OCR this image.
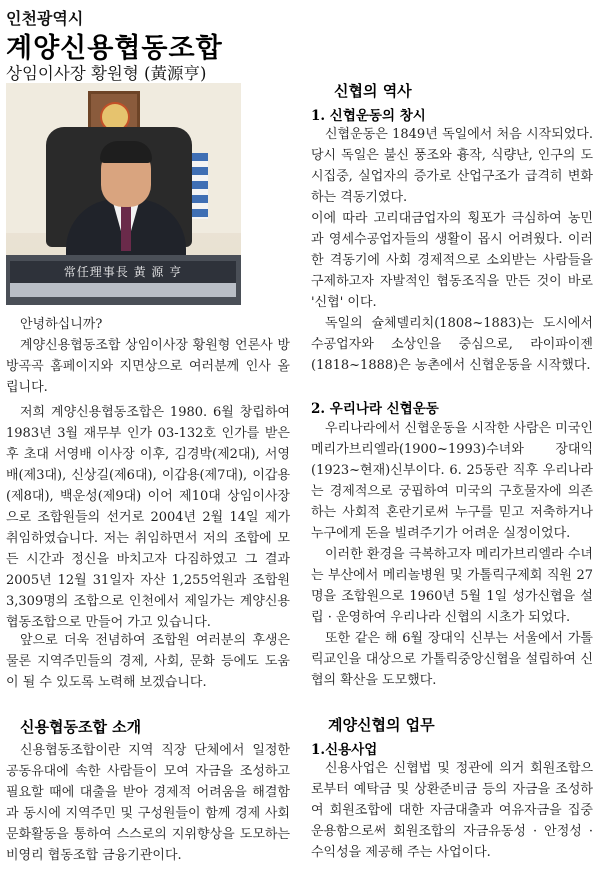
인천광역시
계양신용협동조합
상임이사장 황원형 (黃源亨)
常任理事長 黃 源 亨
안녕하십니까?
계양신용협동조합 상임이사장 황원형 언론사 방방곡곡 홈페이지와 지면상으로 여러분께 인사 올립니다.
저희 계양신용협동조합은 1980. 6월 창립하여 1983년 3월 재무부 인가 03-132호 인가를 받은 후 초대 서영배 이사장 이후, 김경박(제2대), 서영배(제3대), 신상길(제6대), 이갑용(제7대), 이갑용(제8대), 백운성(제9대) 이어 제10대 상임이사장으로 조합원들의 선거로 2004년 2월 14일 제가 취임하였습니다. 저는 취임하면서 저의 조합에 모든 시간과 정신을 바치고자 다짐하였고 그 결과 2005년 12월 31일자 자산 1,255억원과 조합원 3,309명의 조합으로 인천에서 제일가는 계양신용협동조합으로 만들어 가고 있습니다.
앞으로 더욱 전념하여 조합원 여러분의 후생은 물론 지역주민들의 경제, 사회, 문화 등에도 도움이 될 수 있도록 노력해 보겠습니다.
신용협동조합 소개
신용협동조합이란 지역 직장 단체에서 일정한 공동유대에 속한 사람들이 모여 자금을 조성하고 필요할 때에 대출을 받아 경제적 어려움을 해결함과 동시에 지역주민 및 구성원들이 함께 경제 사회 문화활동을 통하여 스스로의 지위향상을 도모하는 비영리 협동조합 금융기관이다.
신협의 역사
1. 신협운동의 창시
신협운동은 1849년 독일에서 처음 시작되었다. 당시 독일은 불신 풍조와 흉작, 식량난, 인구의 도시집중, 실업자의 증가로 산업구조가 급격히 변화하는 격동기였다.
이에 따라 고리대금업자의 횡포가 극심하여 농민과 영세수공업자들의 생활이 몹시 어려웠다. 이러한 격동기에 사회 경제적으로 소외받는 사람들을 구제하고자 자발적인 협동조직을 만든 것이 바로 '신협' 이다.
독일의 슐체델리치(1808~1883)는 도시에서 수공업자와 소상인을 중심으로, 라이파이젠(1818~1888)은 농촌에서 신협운동을 시작했다.
2. 우리나라 신협운동
우리나라에서 신협운동을 시작한 사람은 미국인 메리가브리엘라(1900~1993)수녀와 장대익(1923~현재)신부이다. 6. 25동란 직후 우리나라는 경제적으로 궁핍하여 미국의 구호물자에 의존하는 사회적 혼란기로써 누구를 믿고 저축하거나 누구에게 돈을 빌려주기가 어려운 실정이었다.
이러한 환경을 극복하고자 메리가브리엘라 수녀는 부산에서 메리놀병원 및 가톨릭구제회 직원 27명을 조합원으로 1960년 5월 1일 성가신협을 설립 · 운영하여 우리나라 신협의 시초가 되었다.
또한 같은 해 6월 장대익 신부는 서울에서 가톨릭교인을 대상으로 가톨릭중앙신협을 설립하여 신협의 확산을 도모했다.
계양신협의 업무
1.신용사업
신용사업은 신협법 및 정관에 의거 회원조합으로부터 예탁금 및 상환준비금 등의 자금을 조성하여 회원조합에 대한 자금대출과 여유자금을 집중 운용함으로써 회원조합의 자금유동성 · 안정성 · 수익성을 제공해 주는 사업이다.
